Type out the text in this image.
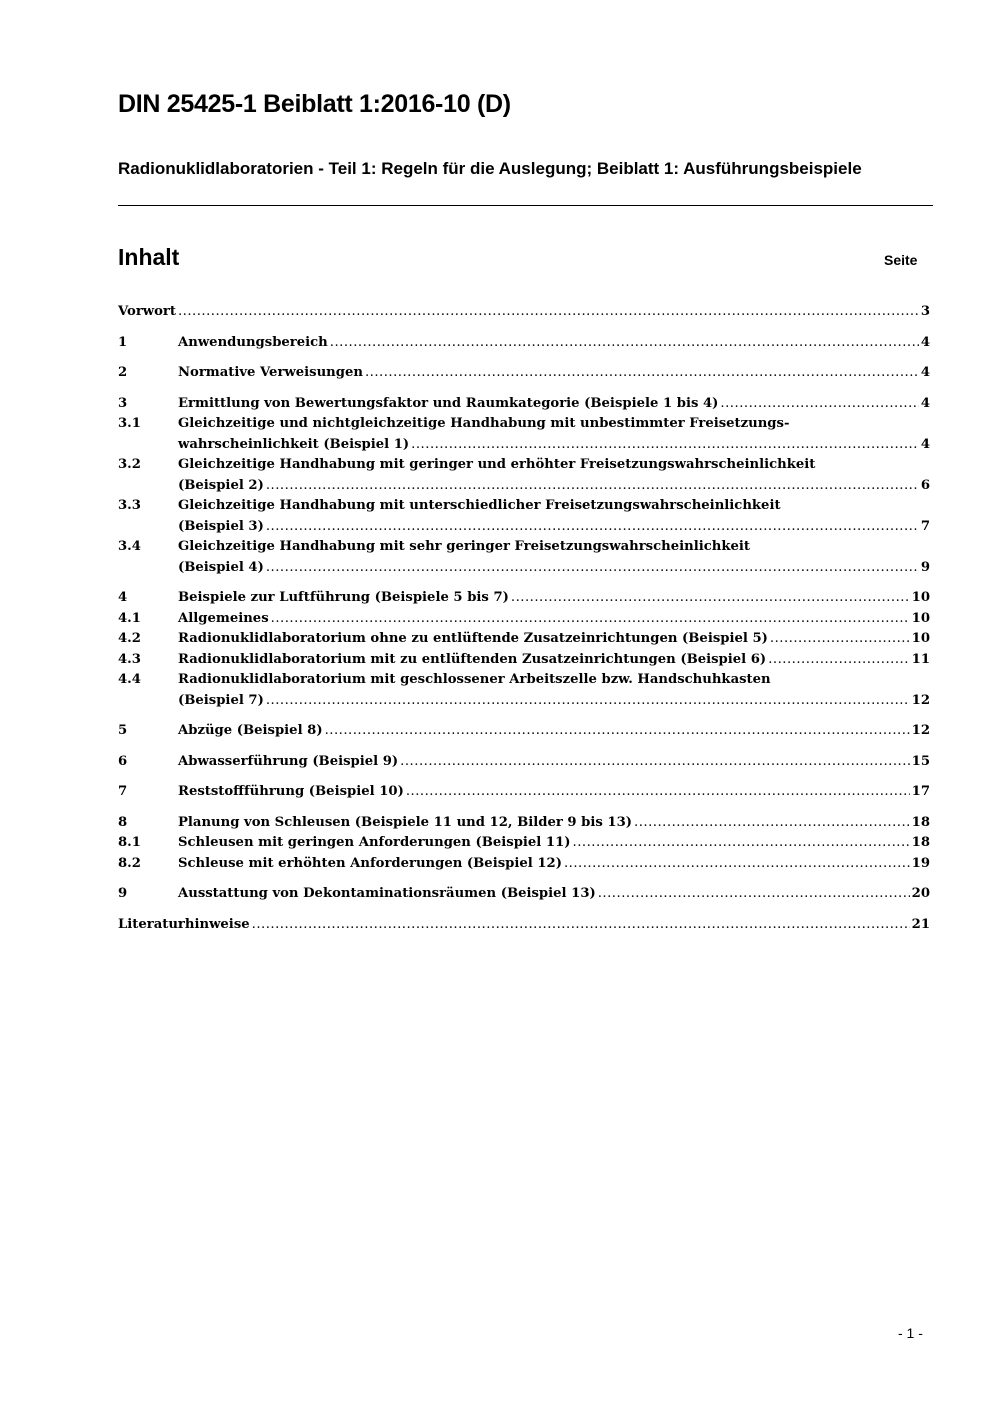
DIN 25425-1 Beiblatt 1:2016-10 (D)
Radionuklidlaboratorien - Teil 1: Regeln für die Auslegung; Beiblatt 1: Ausführungsbeispiele
Inhalt	Seite
Vorwort .....	3
1	Anwendungsbereich .....	4
2	Normative Verweisungen .....	4
3	Ermittlung von Bewertungsfaktor und Raumkategorie (Beispiele 1 bis 4) .....	4
3.1	Gleichzeitige und nichtgleichzeitige Handhabung mit unbestimmter Freisetzungs-
wahrscheinlichkeit (Beispiel 1) .....	4
3.2	Gleichzeitige Handhabung mit geringer und erhöhter Freisetzungswahrscheinlichkeit
(Beispiel 2) .....	6
3.3	Gleichzeitige Handhabung mit unterschiedlicher Freisetzungswahrscheinlichkeit
(Beispiel 3) .....	7
3.4	Gleichzeitige Handhabung mit sehr geringer Freisetzungswahrscheinlichkeit
(Beispiel 4) .....	9
4	Beispiele zur Luftführung (Beispiele 5 bis 7) .....	10
4.1	Allgemeines .....	10
4.2	Radionuklidlaboratorium ohne zu entlüftende Zusatzeinrichtungen (Beispiel 5) .....	10
4.3	Radionuklidlaboratorium mit zu entlüftenden Zusatzeinrichtungen (Beispiel 6) .....	11
4.4	Radionuklidlaboratorium mit geschlossener Arbeitszelle bzw. Handschuhkasten
(Beispiel 7) .....	12
5	Abzüge (Beispiel 8) .....	12
6	Abwasserführung (Beispiel 9) .....	15
7	Reststoffführung (Beispiel 10) .....	17
8	Planung von Schleusen (Beispiele 11 und 12, Bilder 9 bis 13) .....	18
8.1	Schleusen mit geringen Anforderungen (Beispiel 11) .....	18
8.2	Schleuse mit erhöhten Anforderungen (Beispiel 12) .....	19
9	Ausstattung von Dekontaminationsräumen (Beispiel 13) .....	20
Literaturhinweise .....	21
- 1 -
